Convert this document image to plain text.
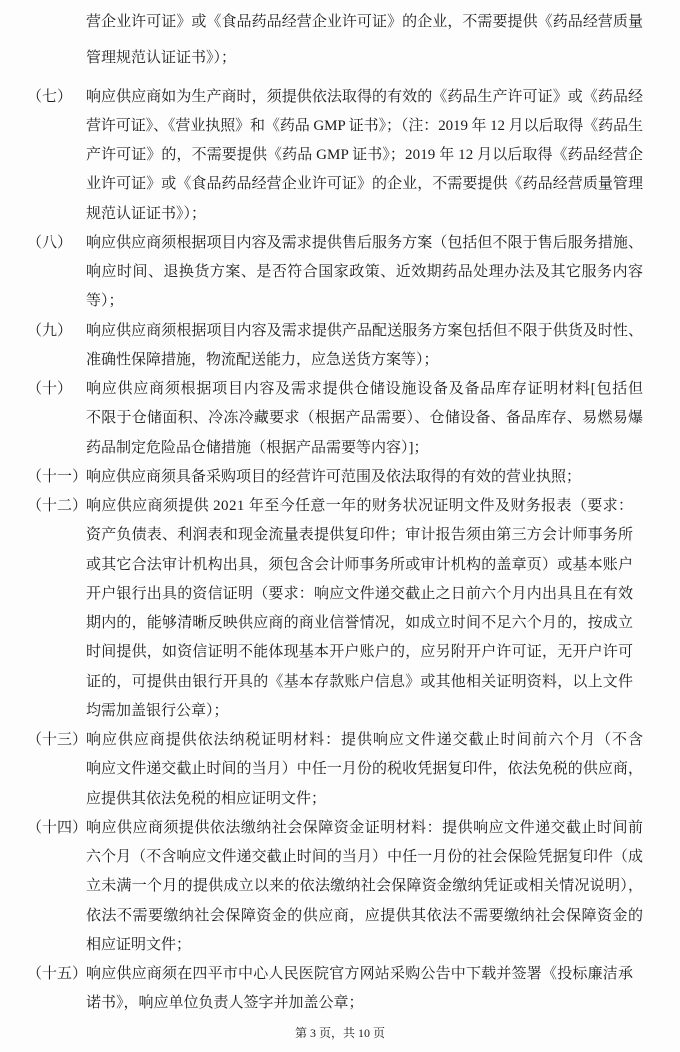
营企业许可证》或《食品药品经营企业许可证》的企业，不需要提供《药品经营质量
管理规范认证证书》）；
（七） 响应供应商如为生产商时，须提供依法取得的有效的《药品生产许可证》或《药品经
营许可证》、《营业执照》和《药品 GMP 证书》；（注：2019 年 12 月以后取得《药品生
产许可证》的，不需要提供《药品 GMP 证书》；2019 年 12 月以后取得《药品经营企
业许可证》或《食品药品经营企业许可证》的企业，不需要提供《药品经营质量管理
规范认证证书》）；
（八） 响应供应商须根据项目内容及需求提供售后服务方案（包括但不限于售后服务措施、
响应时间、退换货方案、是否符合国家政策、近效期药品处理办法及其它服务内容
等）；
（九） 响应供应商须根据项目内容及需求提供产品配送服务方案包括但不限于供货及时性、
准确性保障措施，物流配送能力，应急送货方案等）；
（十） 响应供应商须根据项目内容及需求提供仓储设施设备及备品库存证明材料[包括但
不限于仓储面积、冷冻冷藏要求（根据产品需要）、仓储设备、备品库存、易燃易爆
药品制定危险品仓储措施（根据产品需要等内容）]；
（十一）
响应供应商须具备采购项目的经营许可范围及依法取得的有效的营业执照；
（十二）
响应供应商须提供 2021 年至今任意一年的财务状况证明文件及财务报表（要求：
资产负债表、利润表和现金流量表提供复印件；审计报告须由第三方会计师事务所
或其它合法审计机构出具，须包含会计师事务所或审计机构的盖章页）或基本账户
开户银行出具的资信证明（要求：响应文件递交截止之日前六个月内出具且在有效
期内的，能够清晰反映供应商的商业信誉情况，如成立时间不足六个月的，按成立
时间提供，如资信证明不能体现基本开户账户的，应另附开户许可证，无开户许可
证的，可提供由银行开具的《基本存款账户信息》或其他相关证明资料，以上文件
均需加盖银行公章）；
（十三）
响应供应商提供依法纳税证明材料：提供响应文件递交截止时间前六个月（不含
响应文件递交截止时间的当月）中任一月份的税收凭据复印件，依法免税的供应商，
应提供其依法免税的相应证明文件；
（十四）
响应供应商须提供依法缴纳社会保障资金证明材料：提供响应文件递交截止时间前
六个月（不含响应文件递交截止时间的当月）中任一月份的社会保险凭据复印件（成
立未满一个月的提供成立以来的依法缴纳社会保障资金缴纳凭证或相关情况说明），
依法不需要缴纳社会保障资金的供应商，应提供其依法不需要缴纳社会保障资金的
相应证明文件；
（十五）
响应供应商须在四平市中心人民医院官方网站采购公告中下载并签署《投标廉洁承
诺书》，响应单位负责人签字并加盖公章；
第 3 页，共 10 页
